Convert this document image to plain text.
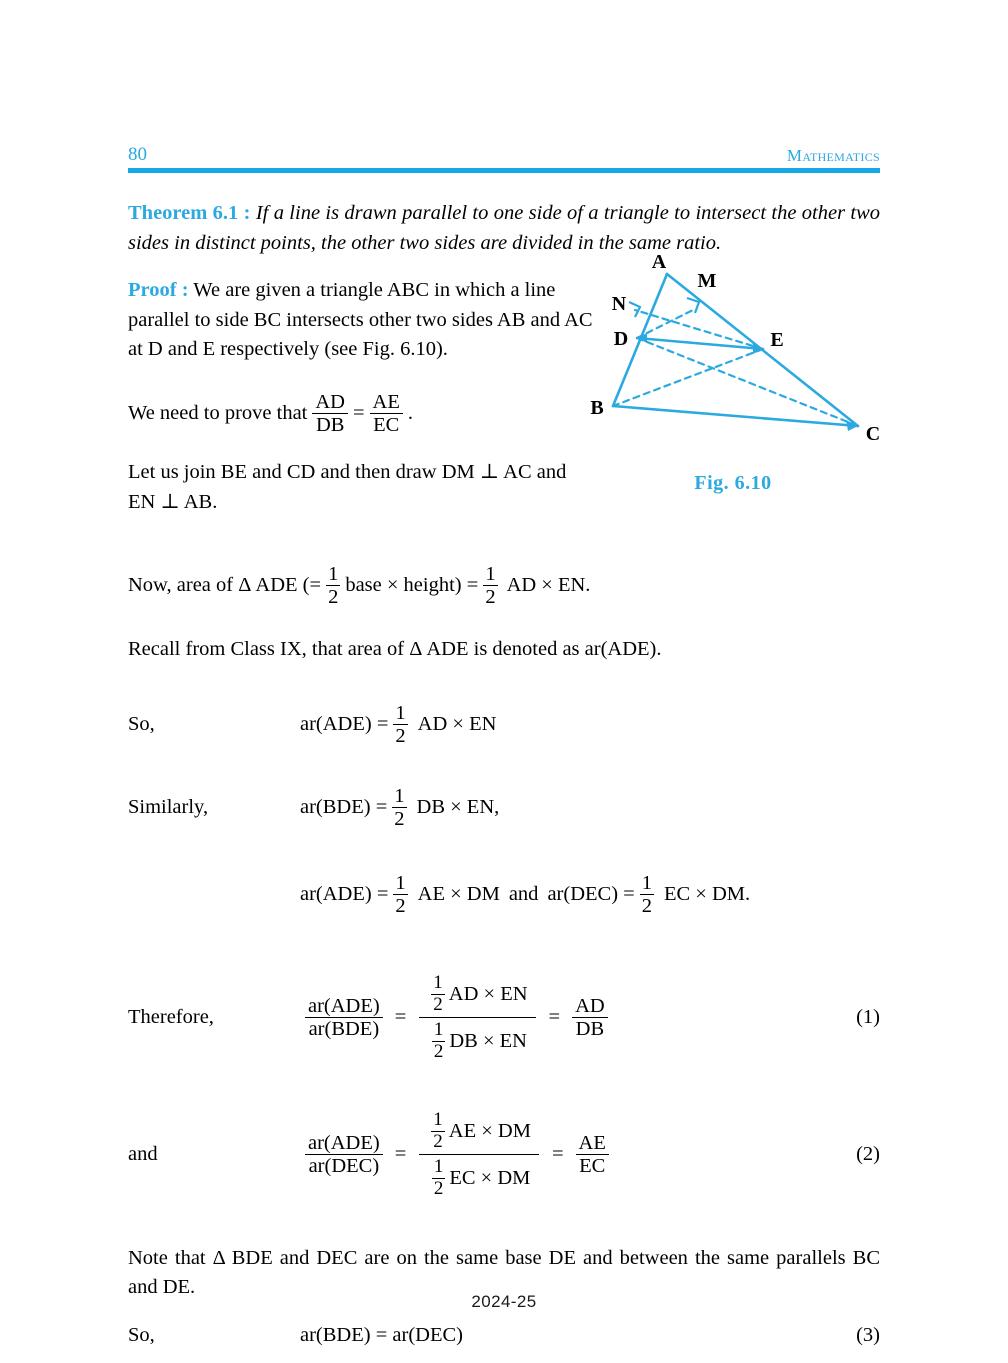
80	Mathematics
Theorem 6.1 : If a line is drawn parallel to one side of a triangle to intersect the other two sides in distinct points, the other two sides are divided in the same ratio.
Proof : We are given a triangle ABC in which a line parallel to side BC intersects other two sides AB and AC at D and E respectively (see Fig. 6.10).
A
B
C
D	E
M
N
Fig. 6.10
We need to prove that $\frac{AD}{DB} = \frac{AE}{EC}$ .
Let us join BE and CD and then draw DM ⊥ AC and EN ⊥ AB.
Now, area of Δ ADE (= $\frac{1}{2}$ base × height) = $\frac{1}{2}$ AD × EN.
Recall from Class IX, that area of Δ ADE is denoted as ar(ADE).
So,	$ar(ADE) = \frac{1}{2}$ AD × EN
Similarly,	$ar(BDE) = \frac{1}{2}$ DB × EN,
$ar(ADE) = \frac{1}{2}$ AE × DM and $ar(DEC) = \frac{1}{2}$ EC × DM.
Therefore,	$\frac{\text{ar(ADE)}}{\text{ar(BDE)}} = \frac{\frac{1}{2} AD \times EN}{\frac{1}{2} DB \times EN} = \frac{AD}{DB}$	(1)
and	$\frac{\text{ar(ADE)}}{\text{ar(DEC)}} = \frac{\frac{1}{2} AE \times DM}{\frac{1}{2} EC \times DM} = \frac{AE}{EC}$	(2)
Note that Δ BDE and DEC are on the same base DE and between the same parallels BC and DE.
So,	ar(BDE) = ar(DEC)	(3)
2024-25
